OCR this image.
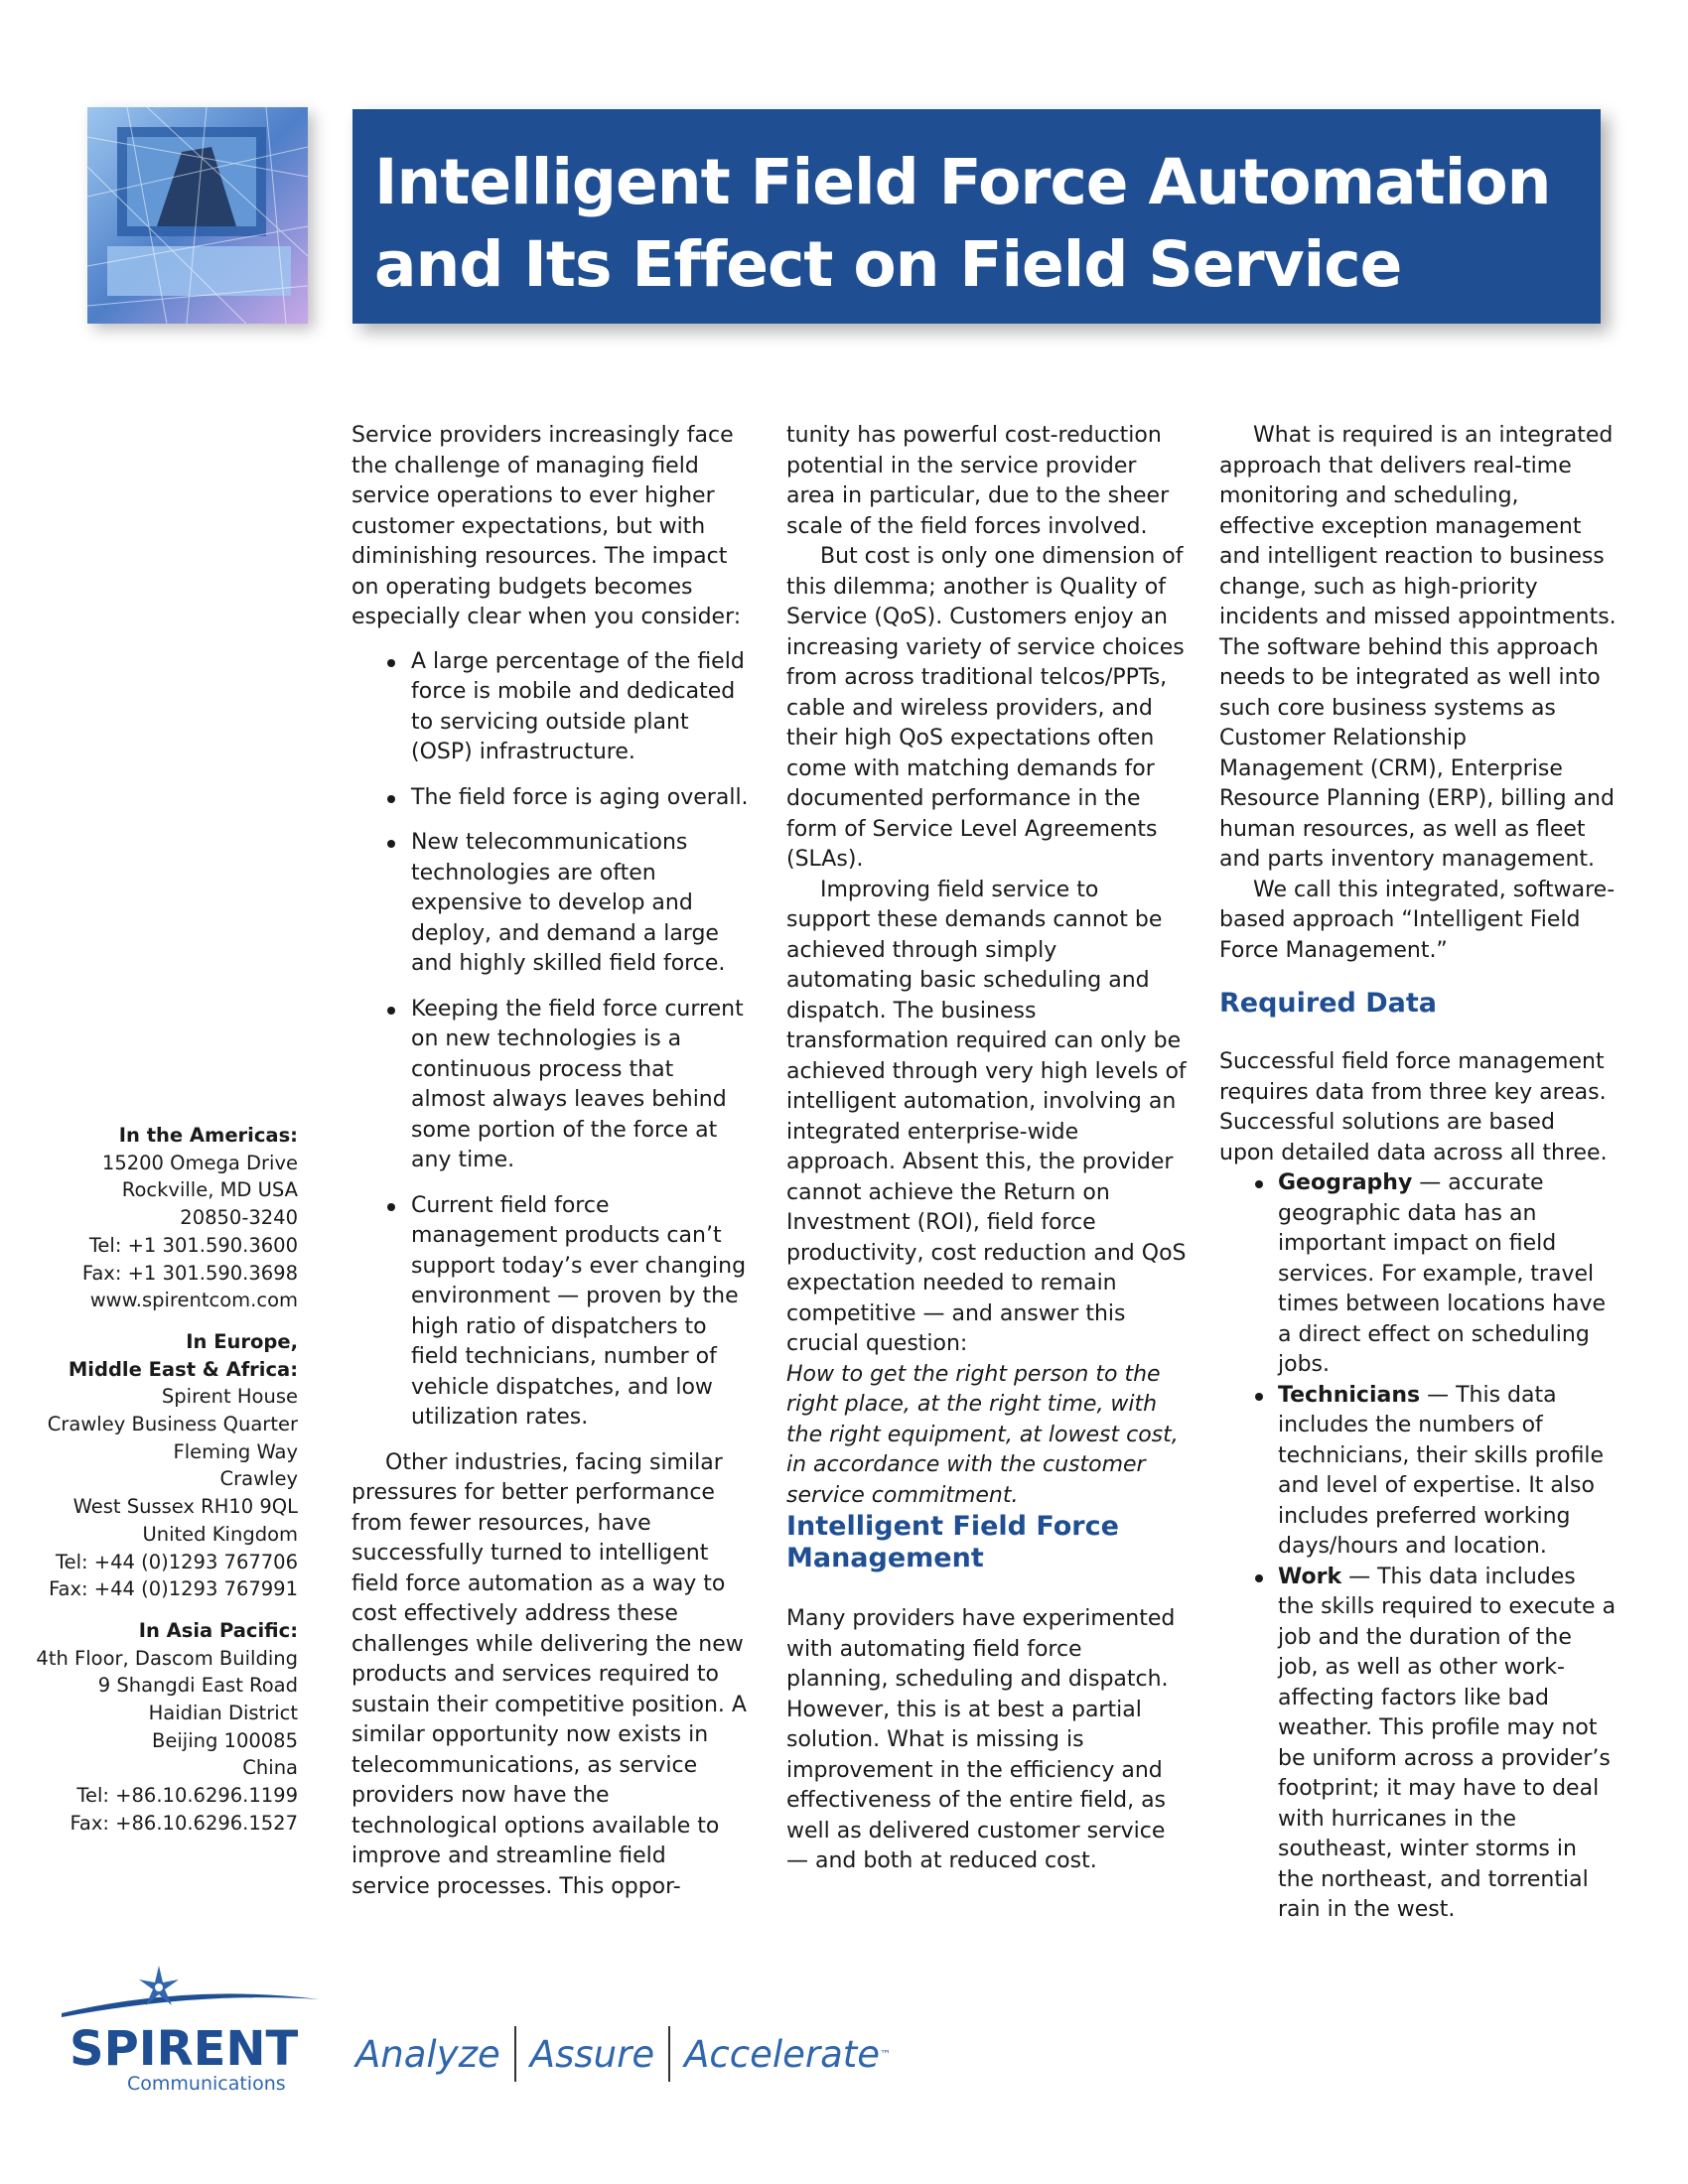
Intelligent Field Force Automation and Its Effect on Field Service

Service providers increasingly face the challenge of managing field service operations to ever higher customer expectations, but with diminishing resources. The impact on operating budgets becomes especially clear when you consider:

A large percentage of the field force is mobile and dedicated to servicing outside plant (OSP) infrastructure.
The field force is aging overall.
New telecommunications technologies are often expensive to develop and deploy, and demand a large and highly skilled field force.
Keeping the field force current on new technologies is a continuous process that almost always leaves behind some portion of the force at any time.
Current field force management products can’t support today’s ever changing environment — proven by the high ratio of dispatchers to field technicians, number of vehicle dispatches, and low utilization rates.

Other industries, facing similar pressures for better performance from fewer resources, have successfully turned to intelligent field force automation as a way to cost effectively address these challenges while delivering the new products and services required to sustain their competitive position. A similar opportunity now exists in telecommunications, as service providers now have the technological options available to improve and streamline field service processes. This oppor-

tunity has powerful cost-reduction potential in the service provider area in particular, due to the sheer scale of the field forces involved.

But cost is only one dimension of this dilemma; another is Quality of Service (QoS). Customers enjoy an increasing variety of service choices from across traditional telcos/PPTs, cable and wireless providers, and their high QoS expectations often come with matching demands for documented performance in the form of Service Level Agreements (SLAs).

Improving field service to support these demands cannot be achieved through simply automating basic scheduling and dispatch. The business transformation required can only be achieved through very high levels of intelligent automation, involving an integrated enterprise-wide approach. Absent this, the provider cannot achieve the Return on Investment (ROI), field force productivity, cost reduction and QoS expectation needed to remain competitive — and answer this crucial question:

How to get the right person to the right place, at the right time, with the right equipment, at lowest cost, in accordance with the customer service commitment.

Intelligent Field Force Management

Many providers have experimented with automating field force planning, scheduling and dispatch. However, this is at best a partial solution. What is missing is improvement in the efficiency and effectiveness of the entire field, as well as delivered customer service — and both at reduced cost.

What is required is an integrated approach that delivers real-time monitoring and scheduling, effective exception management and intelligent reaction to business change, such as high-priority incidents and missed appointments. The software behind this approach needs to be integrated as well into such core business systems as Customer Relationship Management (CRM), Enterprise Resource Planning (ERP), billing and human resources, as well as fleet and parts inventory management.

We call this integrated, software-based approach “Intelligent Field Force Management.”

Required Data

Successful field force management requires data from three key areas. Successful solutions are based upon detailed data across all three.

Geography — accurate geographic data has an important impact on field services. For example, travel times between locations have a direct effect on scheduling jobs.
Technicians — This data includes the numbers of technicians, their skills profile and level of expertise. It also includes preferred working days/hours and location.
Work — This data includes the skills required to execute a job and the duration of the job, as well as other work-affecting factors like bad weather. This profile may not be uniform across a provider’s footprint; it may have to deal with hurricanes in the southeast, winter storms in the northeast, and torrential rain in the west.

In the Americas:

15200 Omega Drive

Rockville, MD USA

20850-3240

Tel: +1 301.590.3600

Fax: +1 301.590.3698

www.spirentcom.com

In Europe,

Middle East & Africa:

Spirent House

Crawley Business Quarter

Fleming Way

Crawley

West Sussex RH10 9QL

United Kingdom

Tel: +44 (0)1293 767706

Fax: +44 (0)1293 767991

In Asia Pacific:

4th Floor, Dascom Building

9 Shangdi East Road

Haidian District

Beijing 100085

China

Tel: +86.10.6296.1199

Fax: +86.10.6296.1527

SPIRENT
Communications
Analyze Assure Accelerate ™
